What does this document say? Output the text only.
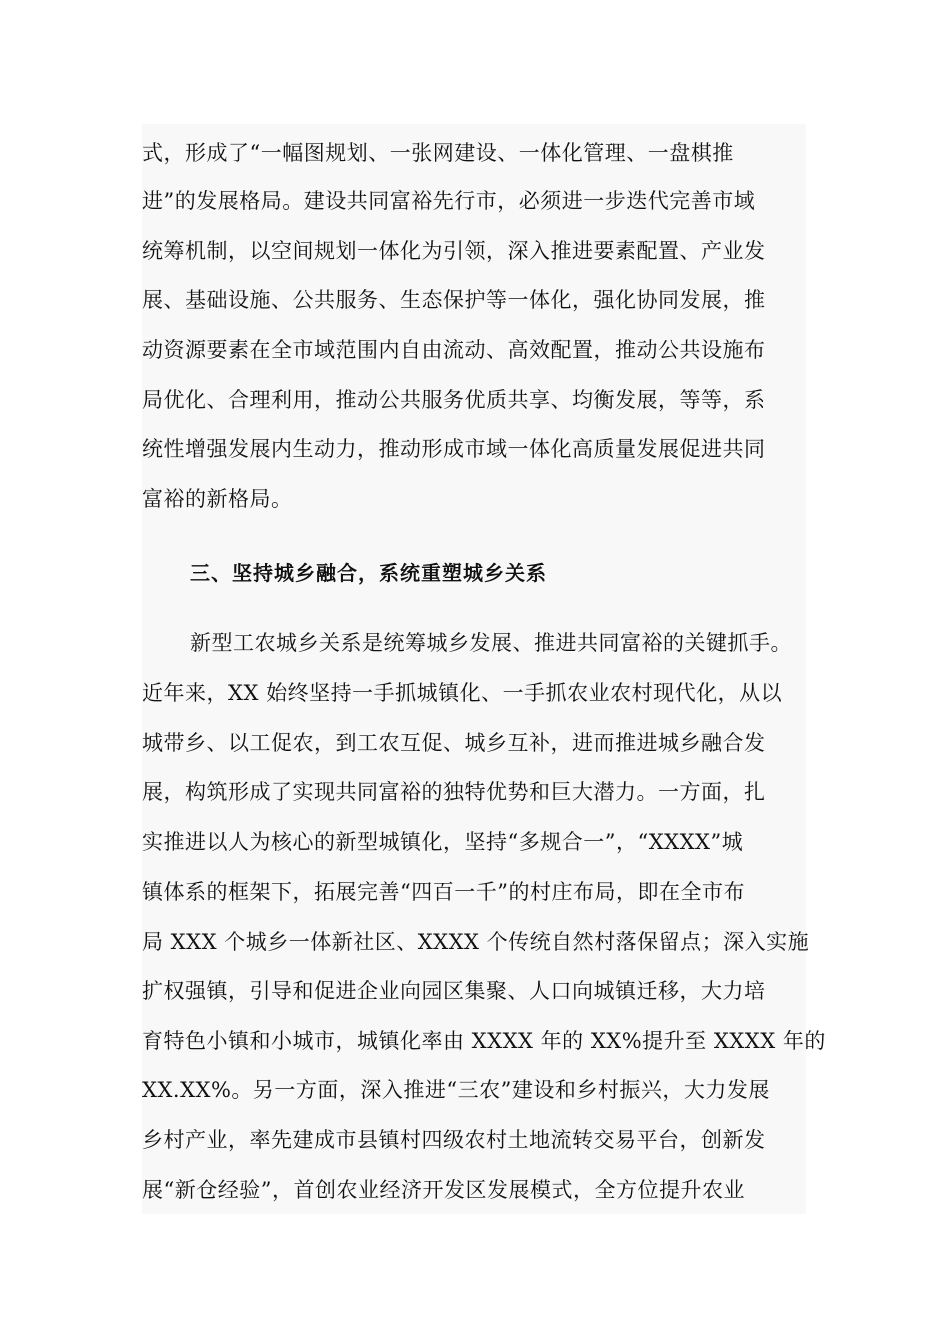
式，形成了“一幅图规划、一张网建设、一体化管理、一盘棋推
进”的发展格局。建设共同富裕先行市，必须进一步迭代完善市域
统筹机制，以空间规划一体化为引领，深入推进要素配置、产业发
展、基础设施、公共服务、生态保护等一体化，强化协同发展，推
动资源要素在全市域范围内自由流动、高效配置，推动公共设施布
局优化、合理利用，推动公共服务优质共享、均衡发展，等等，系
统性增强发展内生动力，推动形成市域一体化高质量发展促进共同
富裕的新格局。
三、坚持城乡融合，系统重塑城乡关系
新型工农城乡关系是统筹城乡发展、推进共同富裕的关键抓手。
近年来，XX 始终坚持一手抓城镇化、一手抓农业农村现代化，从以
城带乡、以工促农，到工农互促、城乡互补，进而推进城乡融合发
展，构筑形成了实现共同富裕的独特优势和巨大潜力。一方面，扎
实推进以人为核心的新型城镇化，坚持“多规合一”，“XXXX”城
镇体系的框架下，拓展完善“四百一千”的村庄布局，即在全市布
局 XXX 个城乡一体新社区、XXXX 个传统自然村落保留点；深入实施
扩权强镇，引导和促进企业向园区集聚、人口向城镇迁移，大力培
育特色小镇和小城市，城镇化率由 XXXX 年的 XX%提升至 XXXX 年的
XX.XX%。另一方面，深入推进“三农”建设和乡村振兴，大力发展
乡村产业，率先建成市县镇村四级农村土地流转交易平台，创新发
展“新仓经验”，首创农业经济开发区发展模式，全方位提升农业
